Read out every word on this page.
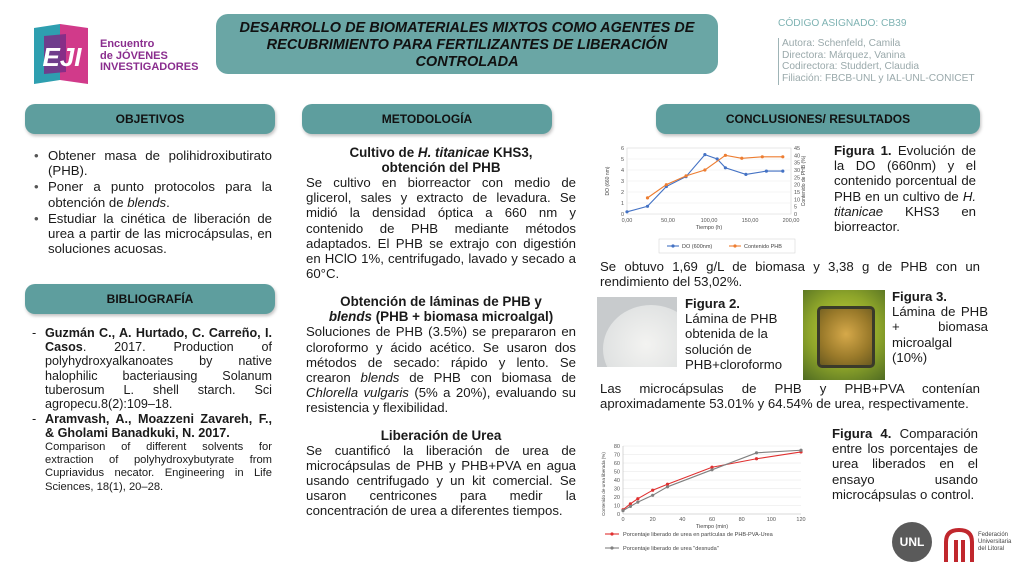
EJI Encuentro
de JÓVENES
INVESTIGADORES
DESARROLLO DE BIOMATERIALES MIXTOS COMO AGENTES DE RECUBRIMIENTO PARA FERTILIZANTES DE LIBERACIÓN CONTROLADA
CÓDIGO ASIGNADO: CB39
Autora: Schenfeld, Camila
Directora: Márquez, Vanina
Codirectora: Studdert, Claudia
Filiación: FBCB-UNL y IAL-UNL-CONICET
OBJETIVOS
• Obtener masa de polihidroxibutirato (PHB).
• Poner a punto protocolos para la obtención de blends.
• Estudiar la cinética de liberación de urea a partir de las microcápsulas, en soluciones acuosas.
BIBLIOGRAFÍA
- Guzmán C., A. Hurtado, C. Carreño, I. Casos. 2017. Production of polyhydroxyalkanoates by native halophilic bacteriausing Solanum tuberosum L. shell starch. Sci agropecu.8(2):109–18.
- Aramvash, A., Moazzeni Zavareh, F., & Gholami Banadkuki, N. 2017.
Comparison of different solvents for extraction of polyhydroxybutyrate from Cupriavidus necator. Engineering in Life Sciences, 18(1), 20–28.
METODOLOGÍA
Cultivo de H. titanicae KHS3,
obtención del PHB
Se cultivo en biorreactor con medio de glicerol, sales y extracto de levadura. Se midió la densidad óptica a 660 nm y contenido de PHB mediante métodos adaptados. El PHB se extrajo con digestión en HClO 1%, centrifugado, lavado y secado a 60°C.
Obtención de láminas de PHB y
blends (PHB + biomasa microalgal)
Soluciones de PHB (3.5%) se prepararon en cloroformo y ácido acético. Se usaron dos métodos de secado: rápido y lento. Se crearon blends de PHB con biomasa de Chlorella vulgaris (5% a 20%), evaluando su resistencia y flexibilidad.
Liberación de Urea
Se cuantificó la liberación de urea de microcápsulas de PHB y PHB+PVA en agua usando centrifugado y un kit comercial. Se usaron centricones para medir la concentración de urea a diferentes tiempos.
CONCLUSIONES/ RESULTADOS
0
1
2
3
4
5
6
0
5
10
15
20
25
30
35
40
45
0,00	50,00	100,00	150,00	200,00
Tiempo (h)
DO (660 nm)	Contenido de PHB (%)
DO (600nm)	Contenido PHB
Figura 1. Evolución de la DO (660nm) y el contenido porcentual de PHB en un cultivo de H. titanicae KHS3 en biorreactor.
Se obtuvo 1,69 g/L de biomasa y 3,38 g de PHB con un rendimiento del 53,02%.
Figura 2.
Lámina de PHB obtenida de la solución de PHB+cloroformo
Figura 3.
Lámina de PHB + biomasa microalgal (10%)
Las microcápsulas de PHB y PHB+PVA contenían aproximadamente 53.01% y 64.54% de urea, respectivamente.
0
10
20
30
40
50
60
70
80
0	20	40	60	80	100	120
Tiempo (min)
Contenido de urea liberada (%)
Porcentaje liberado de urea en partículas de PHB-PVA-Urea
Porcentaje liberado de urea "desnuda"
Figura 4. Comparación entre los porcentajes de urea liberados en el ensayo usando microcápsulas o control.
UNL	Federación
Universitaria
del Litoral
